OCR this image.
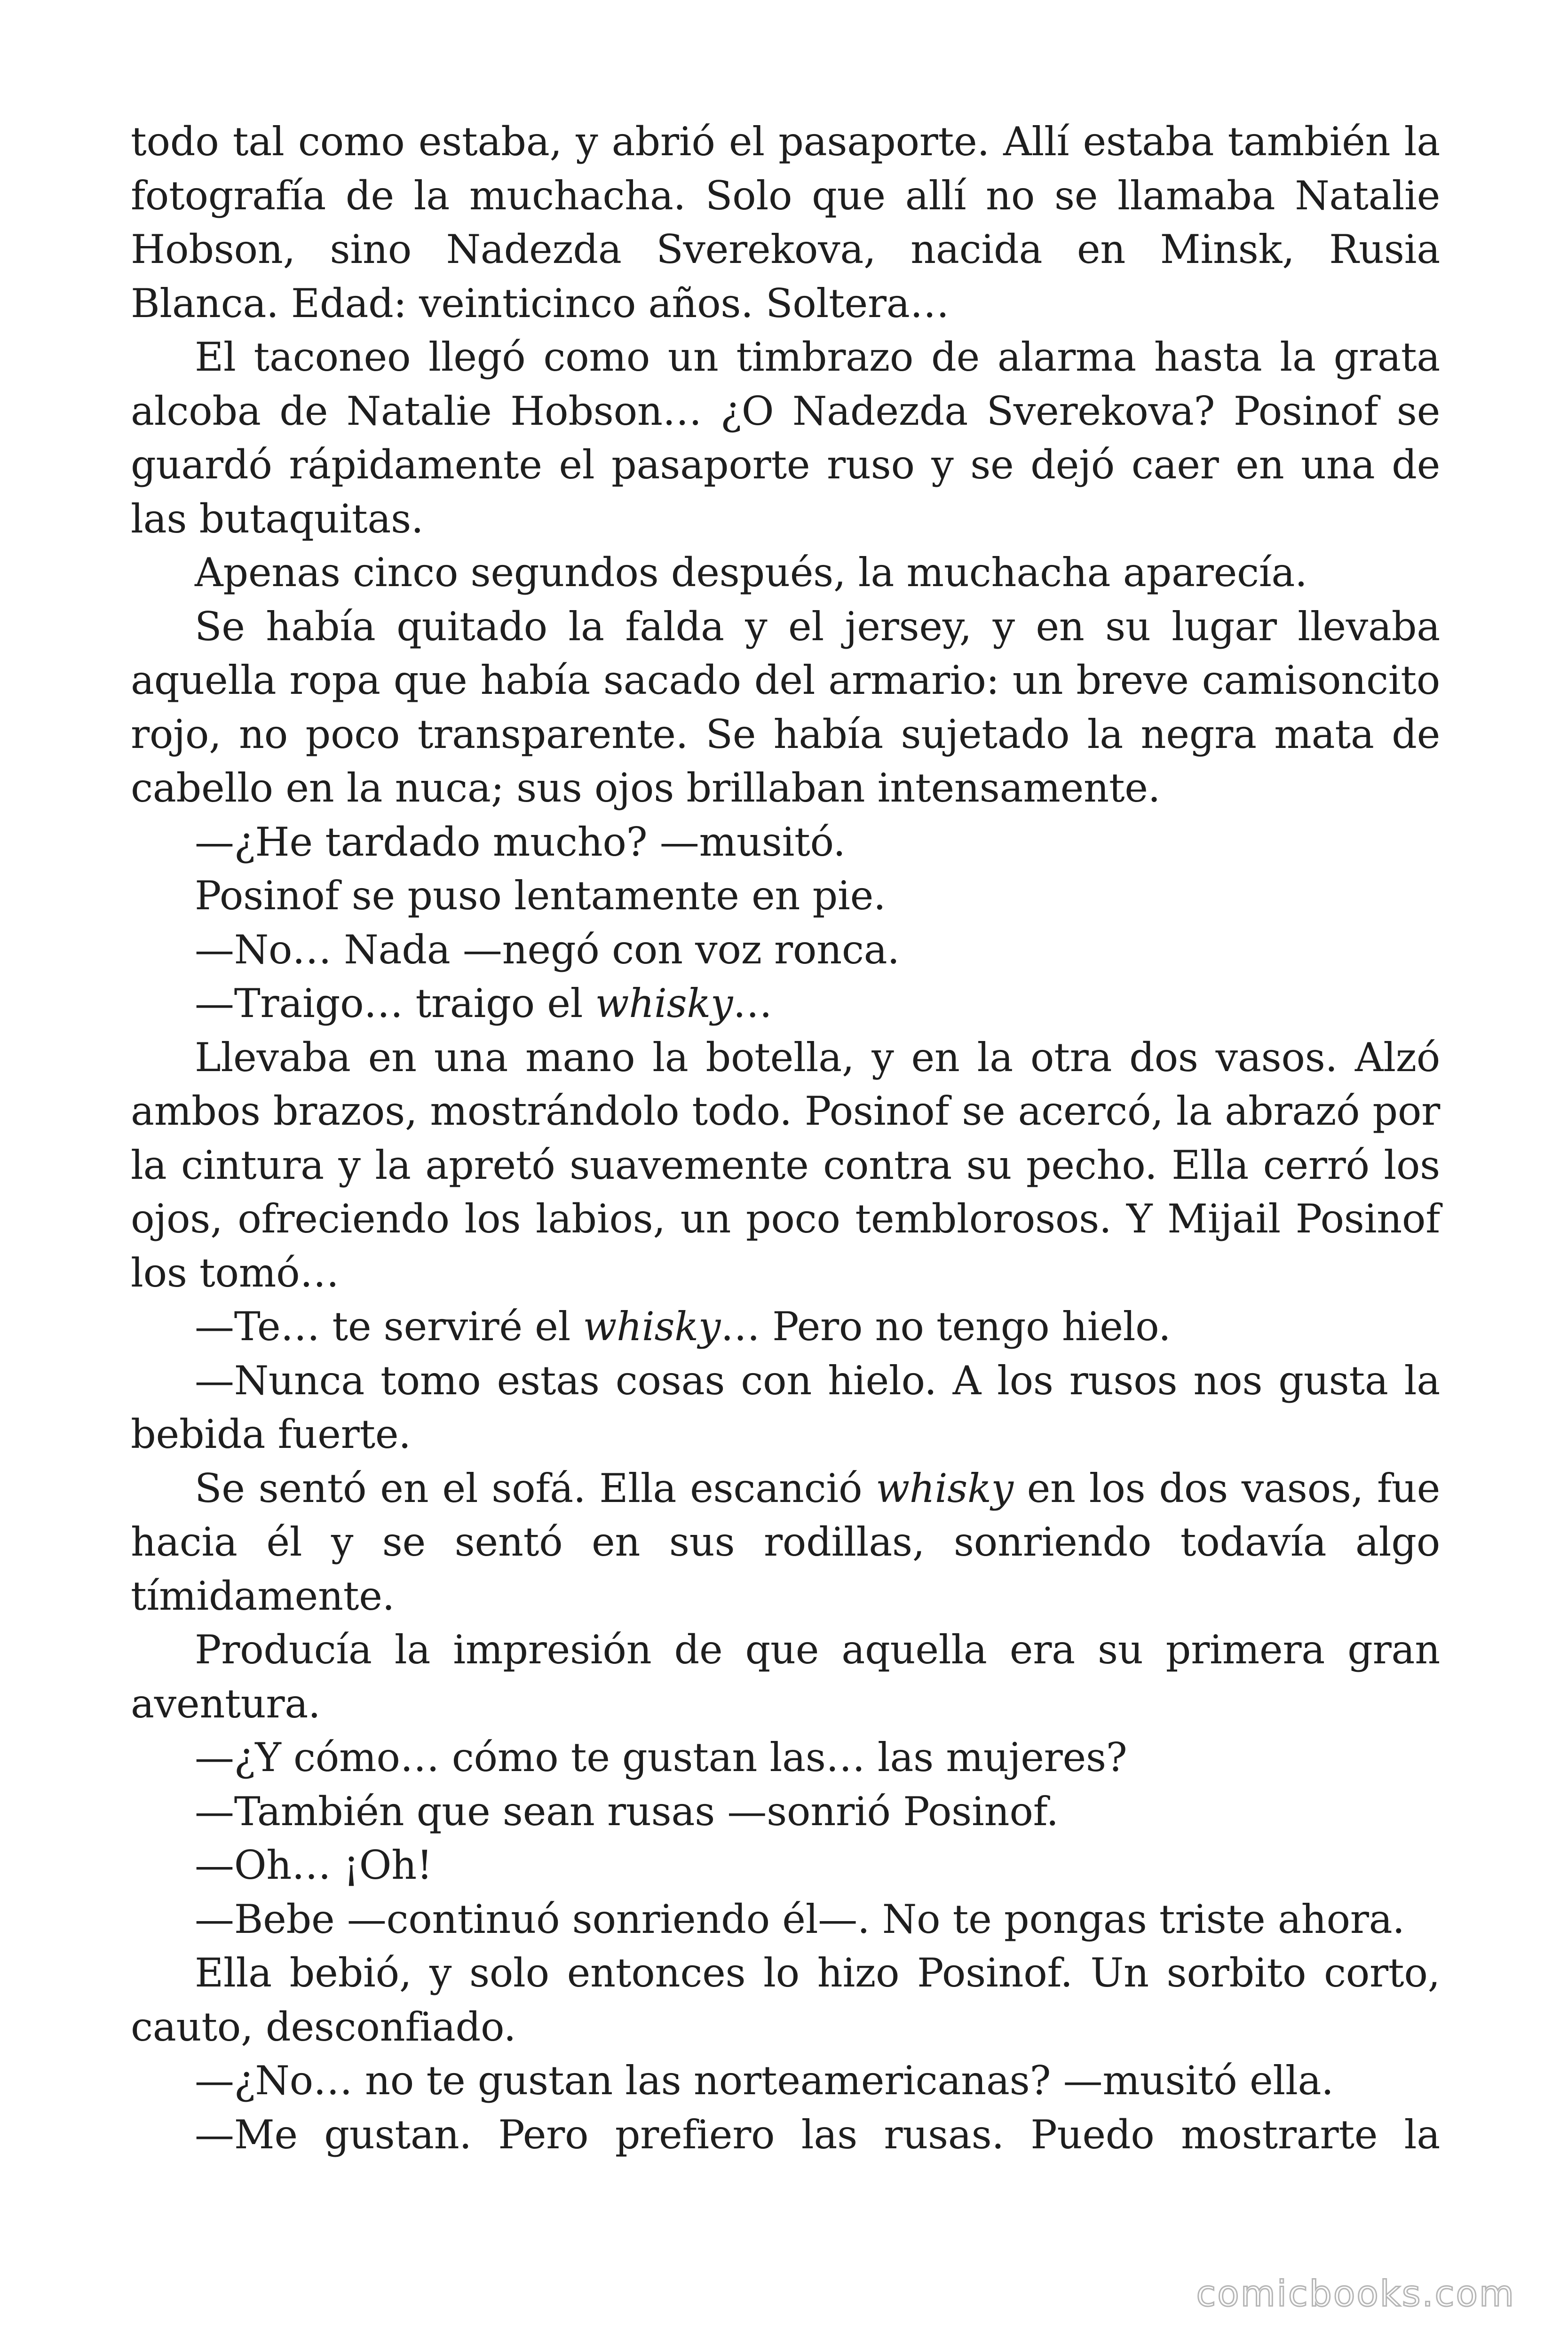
todo tal como estaba, y abrió el pasaporte. Allí estaba también la fotografía de la muchacha. Solo que allí no se llamaba Natalie Hobson, sino Nadezda Sverekova, nacida en Minsk, Rusia Blanca. Edad: veinticinco años. Soltera…

El taconeo llegó como un timbrazo de alarma hasta la grata alcoba de Natalie Hobson… ¿O Nadezda Sverekova? Posinof se guardó rápidamente el pasaporte ruso y se dejó caer en una de las butaquitas.

Apenas cinco segundos después, la muchacha aparecía.

Se había quitado la falda y el jersey, y en su lugar llevaba aquella ropa que había sacado del armario: un breve camisoncito rojo, no poco transparente. Se había sujetado la negra mata de cabello en la nuca; sus ojos brillaban intensamente.

—¿He tardado mucho? —musitó.

Posinof se puso lentamente en pie.

—No… Nada —negó con voz ronca.

—Traigo… traigo el whisky…

Llevaba en una mano la botella, y en la otra dos vasos. Alzó ambos brazos, mostrándolo todo. Posinof se acercó, la abrazó por la cintura y la apretó suavemente contra su pecho. Ella cerró los ojos, ofreciendo los labios, un poco temblorosos. Y Mijail Posinof los tomó…

—Te… te serviré el whisky… Pero no tengo hielo.

—Nunca tomo estas cosas con hielo. A los rusos nos gusta la bebida fuerte.

Se sentó en el sofá. Ella escanció whisky en los dos vasos, fue hacia él y se sentó en sus rodillas, sonriendo todavía algo tímidamente.

Producía la impresión de que aquella era su primera gran aventura.

—¿Y cómo… cómo te gustan las… las mujeres?

—También que sean rusas —sonrió Posinof.

—Oh… ¡Oh!

—Bebe —continuó sonriendo él—. No te pongas triste ahora.

Ella bebió, y solo entonces lo hizo Posinof. Un sorbito corto, cauto, desconfiado.

—¿No… no te gustan las norteamericanas? —musitó ella.

—Me gustan. Pero prefiero las rusas. Puedo mostrarte la

comicbooks.com
